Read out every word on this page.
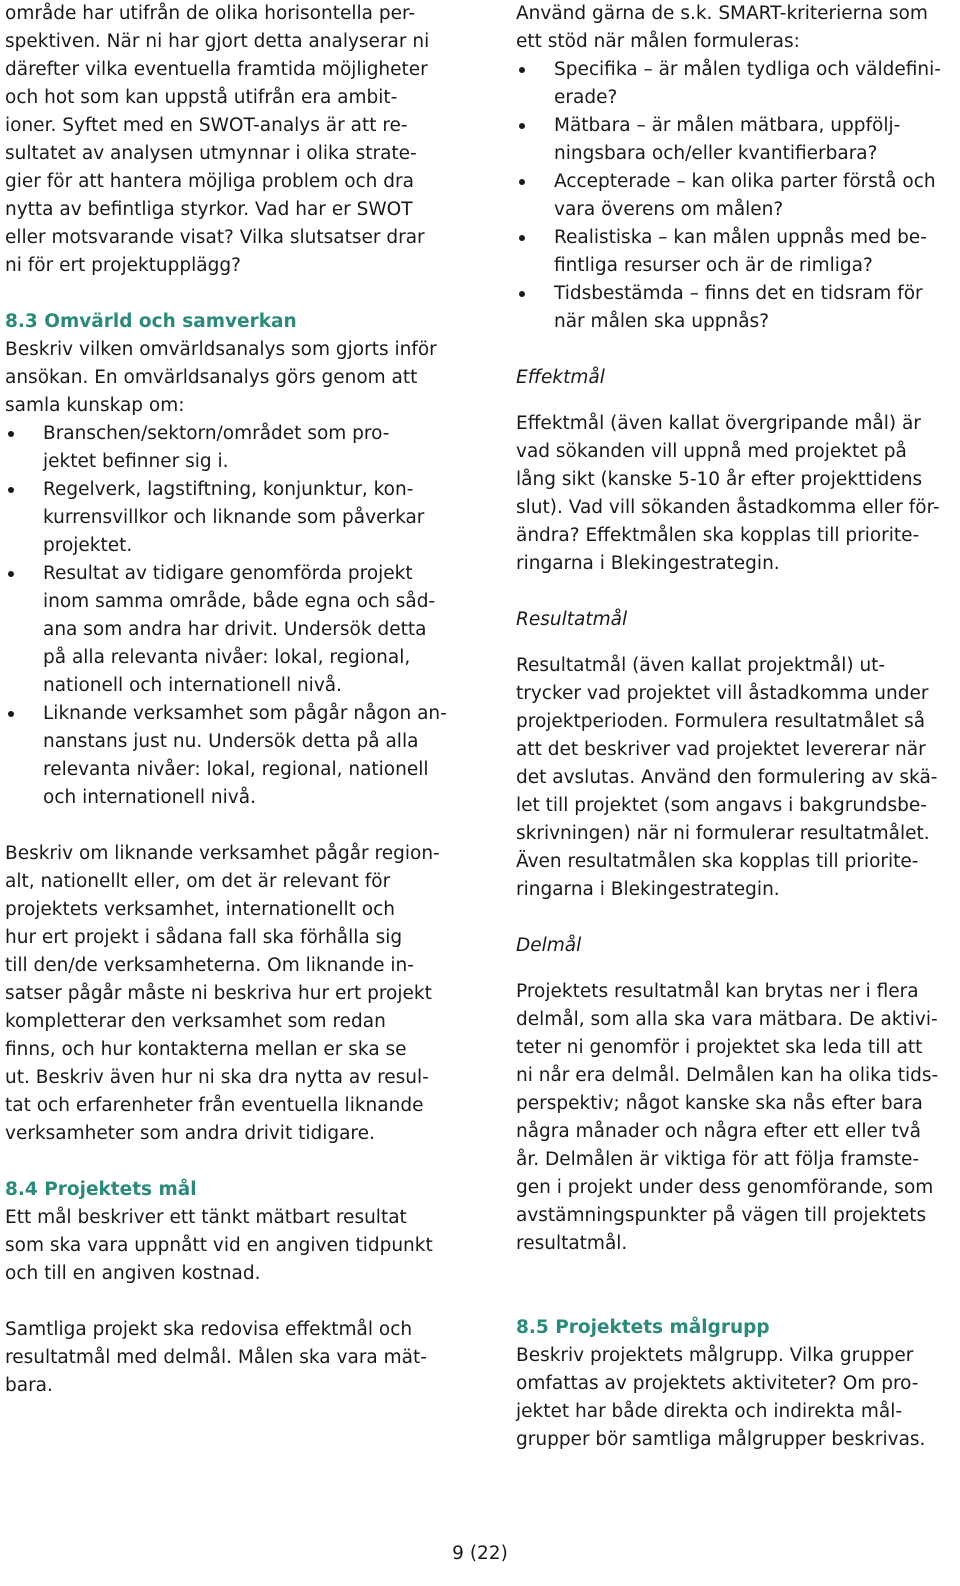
område har utifrån de olika horisontella per-
spektiven. När ni har gjort detta analyserar ni
därefter vilka eventuella framtida möjligheter
och hot som kan uppstå utifrån era ambit-
ioner. Syftet med en SWOT-analys är att re-
sultatet av analysen utmynnar i olika strate-
gier för att hantera möjliga problem och dra
nytta av befintliga styrkor. Vad har er SWOT
eller motsvarande visat? Vilka slutsatser drar
ni för ert projektupplägg?
8.3 Omvärld och samverkan
Beskriv vilken omvärldsanalys som gjorts inför
ansökan. En omvärldsanalys görs genom att
samla kunskap om:
Branschen/sektorn/området som pro-
jektet befinner sig i.
Regelverk, lagstiftning, konjunktur, kon-
kurrensvillkor och liknande som påverkar
projektet.
Resultat av tidigare genomförda projekt
inom samma område, både egna och såd-
ana som andra har drivit. Undersök detta
på alla relevanta nivåer: lokal, regional,
nationell och internationell nivå.
Liknande verksamhet som pågår någon an-
nanstans just nu. Undersök detta på alla
relevanta nivåer: lokal, regional, nationell
och internationell nivå.
Beskriv om liknande verksamhet pågår region-
alt, nationellt eller, om det är relevant för
projektets verksamhet, internationellt och
hur ert projekt i sådana fall ska förhålla sig
till den/de verksamheterna. Om liknande in-
satser pågår måste ni beskriva hur ert projekt
kompletterar den verksamhet som redan
finns, och hur kontakterna mellan er ska se
ut. Beskriv även hur ni ska dra nytta av resul-
tat och erfarenheter från eventuella liknande
verksamheter som andra drivit tidigare.
8.4 Projektets mål
Ett mål beskriver ett tänkt mätbart resultat
som ska vara uppnått vid en angiven tidpunkt
och till en angiven kostnad.
Samtliga projekt ska redovisa effektmål och
resultatmål med delmål. Målen ska vara mät-
bara.
Använd gärna de s.k. SMART-kriterierna som
ett stöd när målen formuleras:
Specifika – är målen tydliga och väldefini-
erade?
Mätbara – är målen mätbara, uppfölj-
ningsbara och/eller kvantifierbara?
Accepterade – kan olika parter förstå och
vara överens om målen?
Realistiska – kan målen uppnås med be-
fintliga resurser och är de rimliga?
Tidsbestämda – finns det en tidsram för
när målen ska uppnås?
Effektmål
Effektmål (även kallat övergripande mål) är
vad sökanden vill uppnå med projektet på
lång sikt (kanske 5-10 år efter projekttidens
slut). Vad vill sökanden åstadkomma eller för-
ändra? Effektmålen ska kopplas till priorite-
ringarna i Blekingestrategin.
Resultatmål
Resultatmål (även kallat projektmål) ut-
trycker vad projektet vill åstadkomma under
projektperioden. Formulera resultatmålet så
att det beskriver vad projektet levererar när
det avslutas. Använd den formulering av skä-
let till projektet (som angavs i bakgrundsbe-
skrivningen) när ni formulerar resultatmålet.
Även resultatmålen ska kopplas till priorite-
ringarna i Blekingestrategin.
Delmål
Projektets resultatmål kan brytas ner i flera
delmål, som alla ska vara mätbara. De aktivi-
teter ni genomför i projektet ska leda till att
ni når era delmål. Delmålen kan ha olika tids-
perspektiv; något kanske ska nås efter bara
några månader och några efter ett eller två
år. Delmålen är viktiga för att följa framste-
gen i projekt under dess genomförande, som
avstämningspunkter på vägen till projektets
resultatmål.
8.5 Projektets målgrupp
Beskriv projektets målgrupp. Vilka grupper
omfattas av projektets aktiviteter? Om pro-
jektet har både direkta och indirekta mål-
grupper bör samtliga målgrupper beskrivas.
9 (22)
